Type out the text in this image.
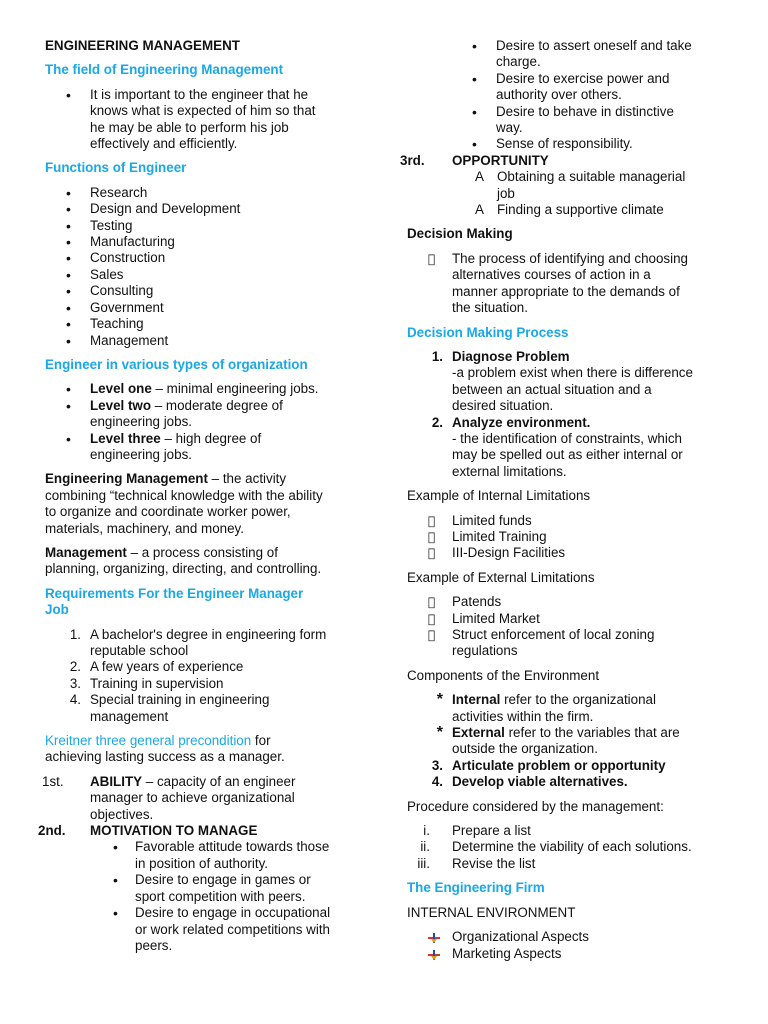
ENGINEERING MANAGEMENT
The field of Engineering Management
•
It is important to the engineer that he
knows what is expected of him so that
he may be able to perform his job
effectively and efficiently.
Functions of Engineer
•
Research
•
Design and Development
•
Testing
•
Manufacturing
•
Construction
•
Sales
•
Consulting
•
Government
•
Teaching
•
Management
Engineer in various types of organization
•
Level one – minimal engineering jobs.
•
Level two – moderate degree of
engineering jobs.
•
Level three – high degree of
engineering jobs.
Engineering Management – the activity
combining “technical knowledge with the ability
to organize and coordinate worker power,
materials, machinery, and money.
Management – a process consisting of
planning, organizing, directing, and controlling.
Requirements For the Engineer Manager
Job
1. A bachelor's degree in engineering form
reputable school
2. A few years of experience
3. Training in supervision
4. Special training in engineering
management
Kreitner three general precondition for
achieving lasting success as a manager.
1st.	ABILITY – capacity of an engineer
manager to achieve organizational
objectives.
2nd.	MOTIVATION TO MANAGE
•
Favorable attitude towards those
in position of authority.
•
Desire to engage in games or
sport competition with peers.
•
Desire to engage in occupational
or work related competitions with
peers.
•
Desire to assert oneself and take
charge.
•
Desire to exercise power and
authority over others.
•
Desire to behave in distinctive
way.
•
Sense of responsibility.
3rd.	OPPORTUNITY
A Obtaining a suitable managerial
job
A Finding a supportive climate
Decision Making
The process of identifying and choosing
alternatives courses of action in a
manner appropriate to the demands of
the situation.
Decision Making Process
1. Diagnose Problem
-a problem exist when there is difference
between an actual situation and a
desired situation.
2. Analyze environment.
- the identification of constraints, which
may be spelled out as either internal or
external limitations.
Example of Internal Limitations
Limited funds
Limited Training
III-Design Facilities
Example of External Limitations
Patends
Limited Market
Struct enforcement of local zoning
regulations
Components of the Environment
* Internal refer to the organizational
activities within the firm.
* External refer to the variables that are
outside the organization.
3. Articulate problem or opportunity
4. Develop viable alternatives.
Procedure considered by the management:
i. Prepare a list
ii. Determine the viability of each solutions.
iii. Revise the list
The Engineering Firm
INTERNAL ENVIRONMENT
Organizational Aspects
Marketing Aspects
